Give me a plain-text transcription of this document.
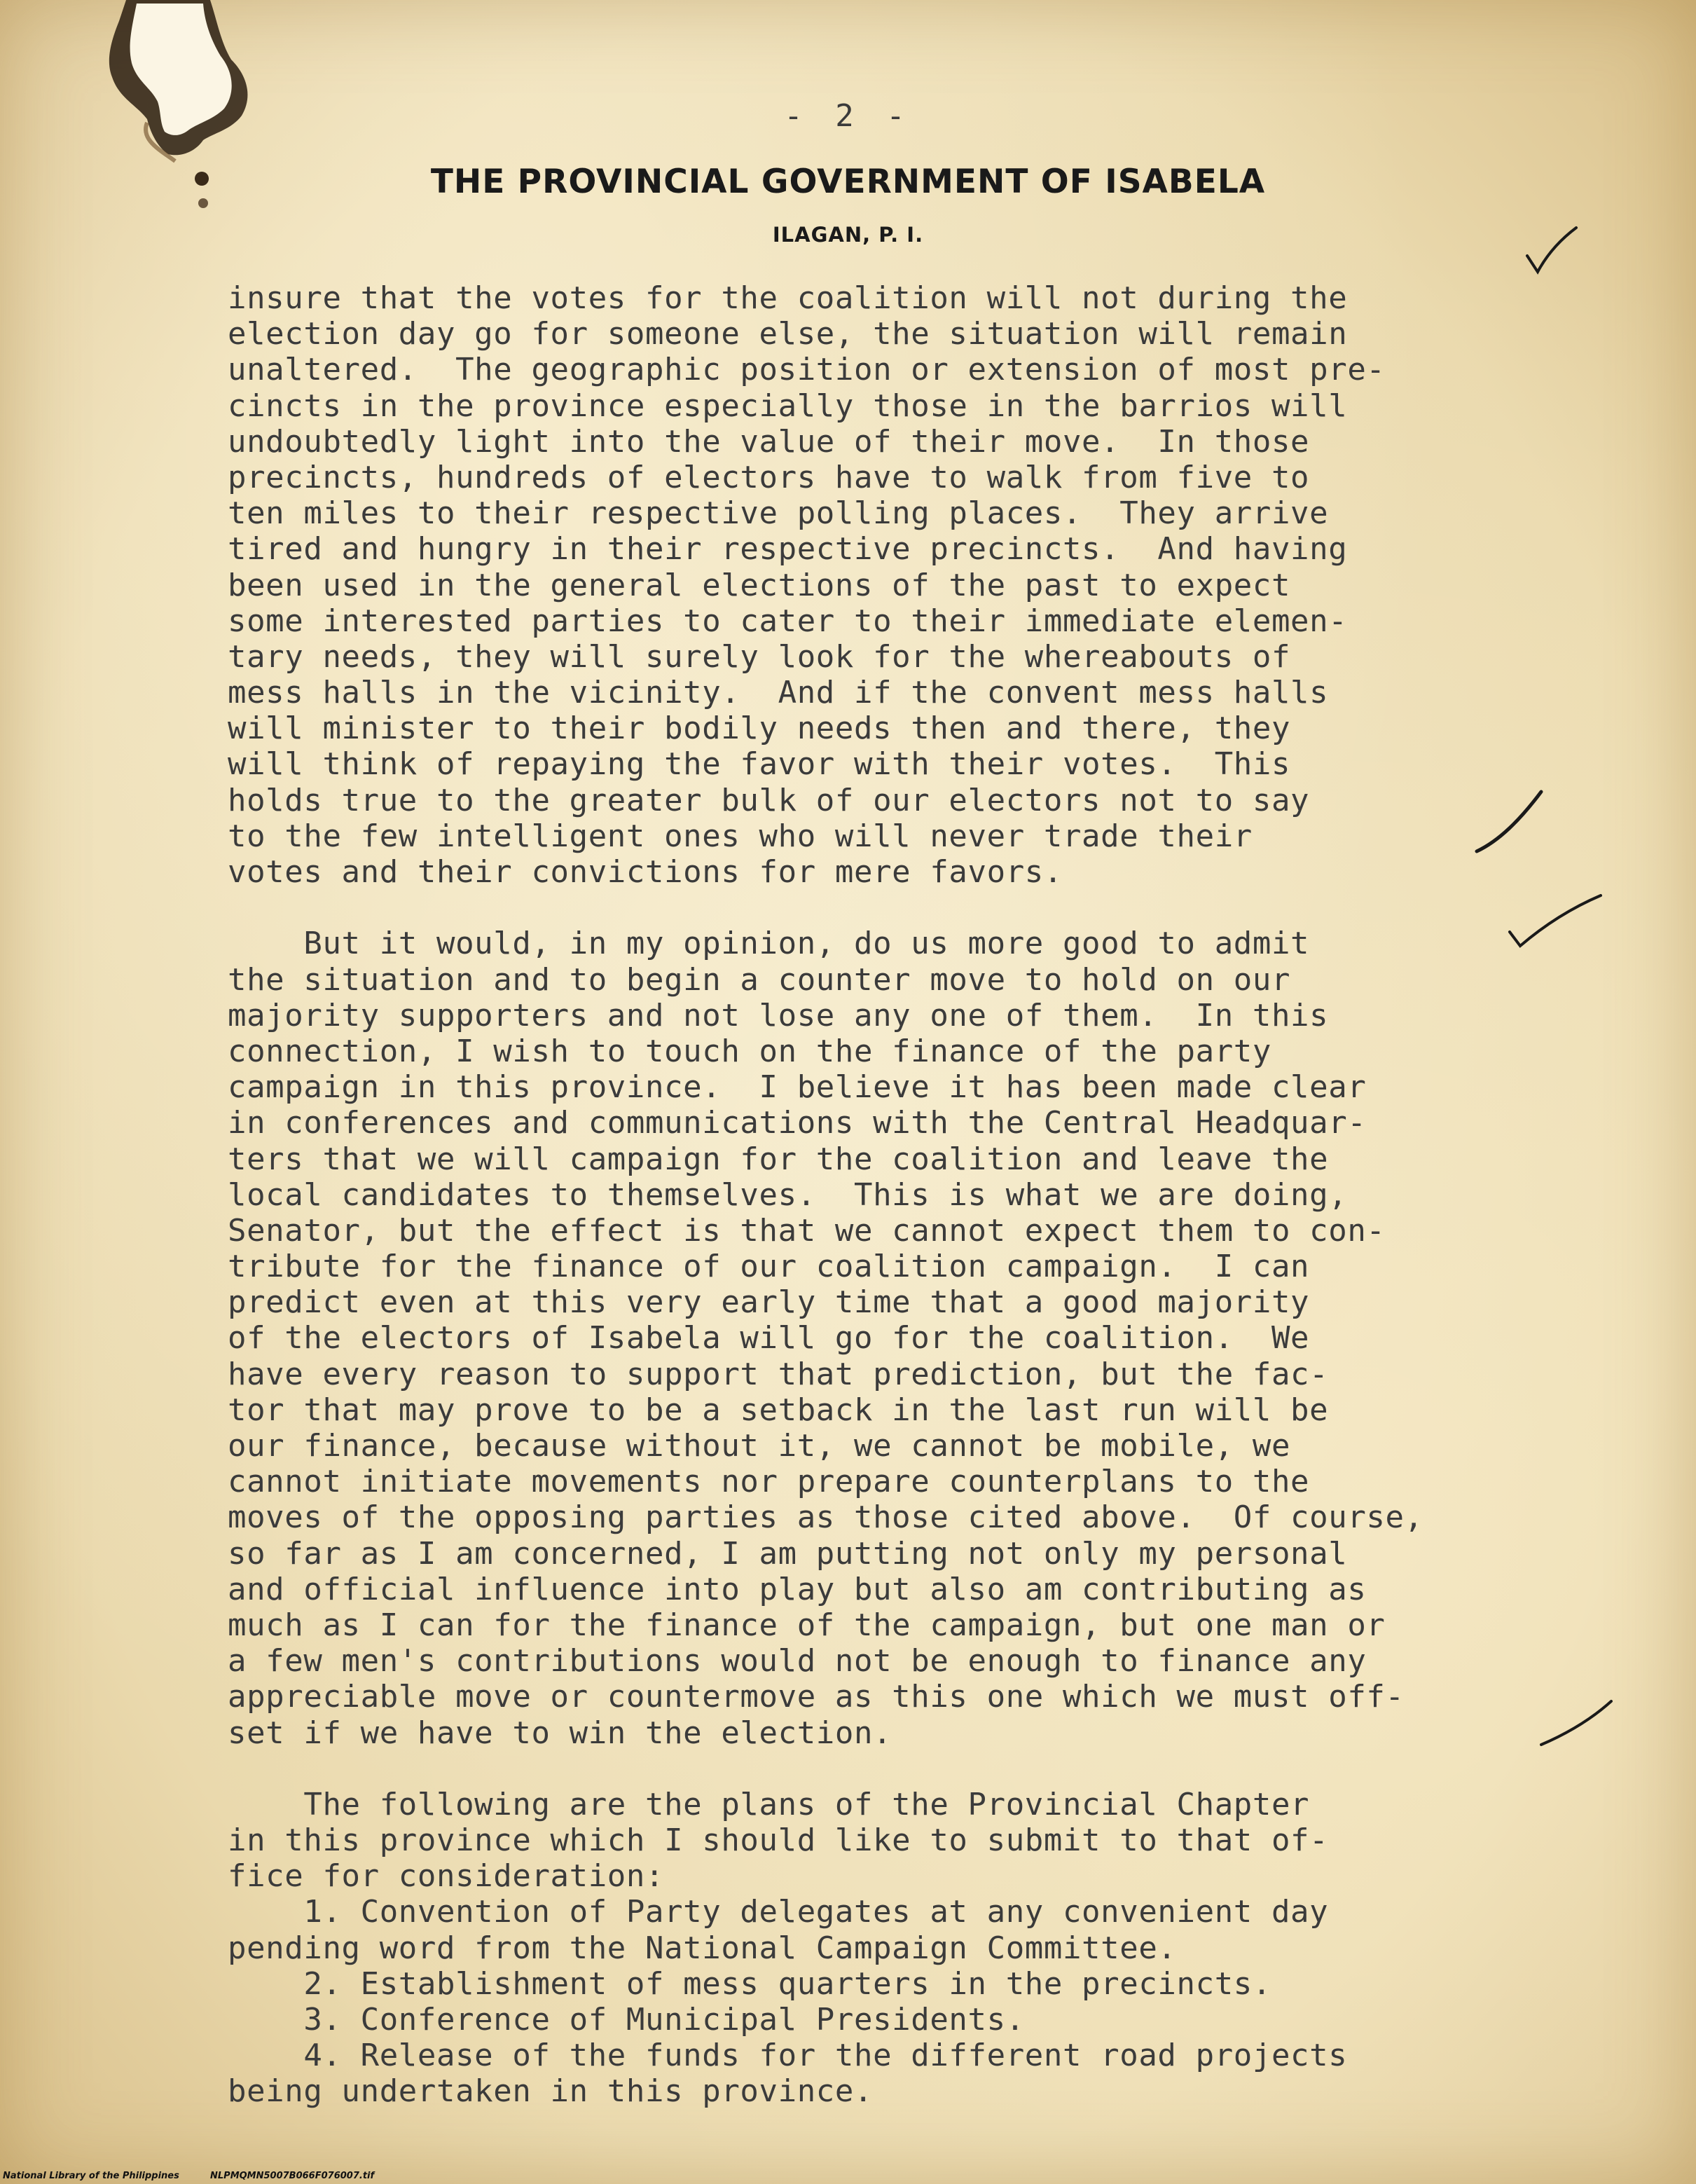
- 2 -
THE PROVINCIAL GOVERNMENT OF ISABELA
ILAGAN, P. I.
insure that the votes for the coalition will not during the
election day go for someone else, the situation will remain
unaltered.  The geographic position or extension of most pre-
cincts in the province especially those in the barrios will
undoubtedly light into the value of their move.  In those
precincts, hundreds of electors have to walk from five to
ten miles to their respective polling places.  They arrive
tired and hungry in their respective precincts.  And having
been used in the general elections of the past to expect
some interested parties to cater to their immediate elemen-
tary needs, they will surely look for the whereabouts of
mess halls in the vicinity.  And if the convent mess halls
will minister to their bodily needs then and there, they
will think of repaying the favor with their votes.  This
holds true to the greater bulk of our electors not to say
to the few intelligent ones who will never trade their
votes and their convictions for mere favors.
But it would, in my opinion, do us more good to admit
the situation and to begin a counter move to hold on our
majority supporters and not lose any one of them.  In this
connection, I wish to touch on the finance of the party
campaign in this province.  I believe it has been made clear
in conferences and communications with the Central Headquar-
ters that we will campaign for the coalition and leave the
local candidates to themselves.  This is what we are doing,
Senator, but the effect is that we cannot expect them to con-
tribute for the finance of our coalition campaign.  I can
predict even at this very early time that a good majority
of the electors of Isabela will go for the coalition.  We
have every reason to support that prediction, but the fac-
tor that may prove to be a setback in the last run will be
our finance, because without it, we cannot be mobile, we
cannot initiate movements nor prepare counterplans to the
moves of the opposing parties as those cited above.  Of course,
so far as I am concerned, I am putting not only my personal
and official influence into play but also am contributing as
much as I can for the finance of the campaign, but one man or
a few men's contributions would not be enough to finance any
appreciable move or countermove as this one which we must off-
set if we have to win the election.
The following are the plans of the Provincial Chapter
in this province which I should like to submit to that of-
fice for consideration:
1. Convention of Party delegates at any convenient day
pending word from the National Campaign Committee.
2. Establishment of mess quarters in the precincts.
3. Conference of Municipal Presidents.
4. Release of the funds for the different road projects
being undertaken in this province.
National Library of the Philippines	NLPMQMN5007B066F076007.tif
